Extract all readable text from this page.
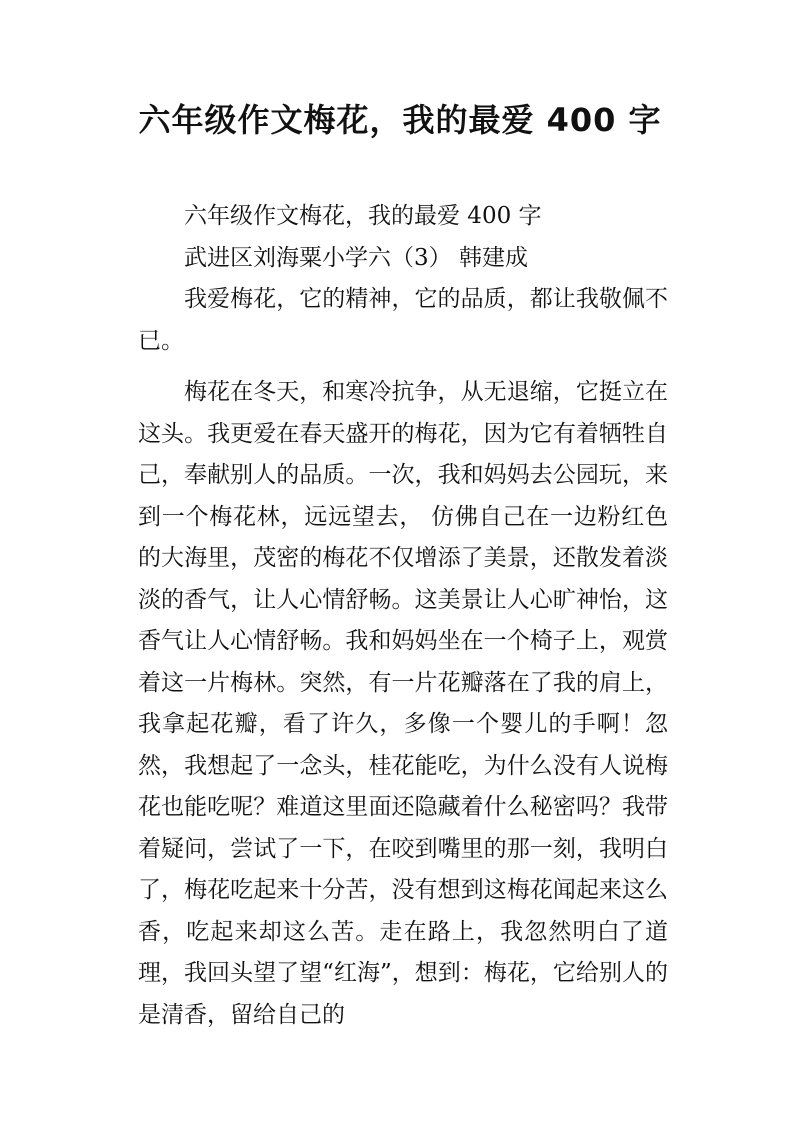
六年级作文梅花，我的最爱 400 字

六年级作文梅花，我的最爱 400 字

武进区刘海粟小学六（3） 韩建成

我爱梅花，它的精神，它的品质，都让我敬佩不已。

梅花在冬天，和寒冷抗争，从无退缩，它挺立在这头。我更爱在春天盛开的梅花，因为它有着牺牲自己，奉献别人的品质。一次，我和妈妈去公园玩，来到一个梅花林，远远望去， 仿佛自己在一边粉红色的大海里，茂密的梅花不仅增添了美景，还散发着淡淡的香气，让人心情舒畅。这美景让人心旷神怡，这香气让人心情舒畅。我和妈妈坐在一个椅子上，观赏着这一片梅林。突然，有一片花瓣落在了我的肩上，我拿起花瓣，看了许久，多像一个婴儿的手啊！忽然，我想起了一念头，桂花能吃，为什么没有人说梅花也能吃呢？难道这里面还隐藏着什么秘密吗？我带着疑问，尝试了一下，在咬到嘴里的那一刻，我明白了，梅花吃起来十分苦，没有想到这梅花闻起来这么香，吃起来却这么苦。走在路上，我忽然明白了道理，我回头望了望“红海”，想到：梅花，它给别人的是清香，留给自己的
